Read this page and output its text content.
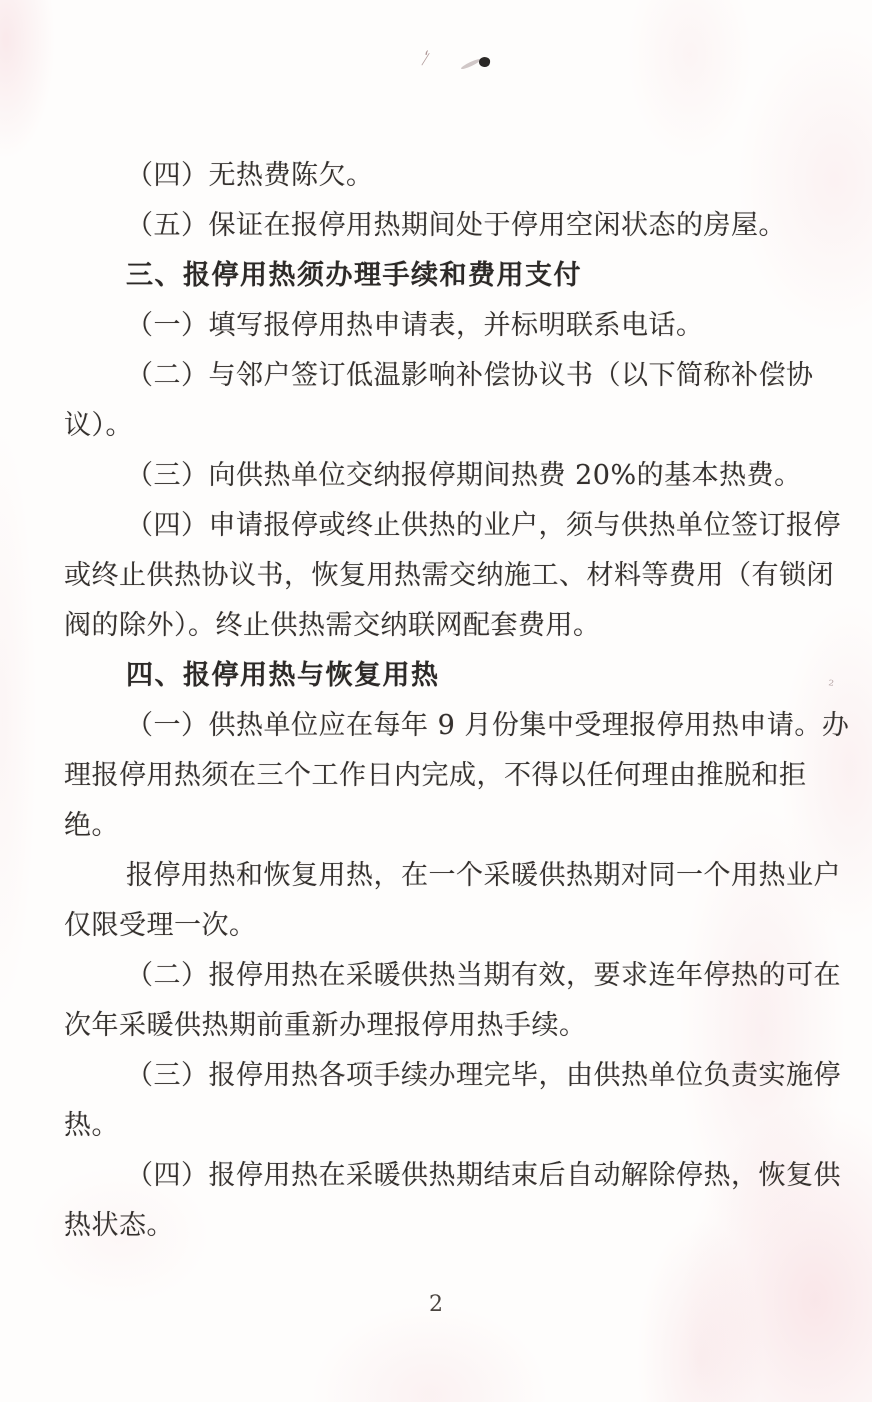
ʻ̷
²
（四）无热费陈欠。
（五）保证在报停用热期间处于停用空闲状态的房屋。
三、报停用热须办理手续和费用支付
（一）填写报停用热申请表，并标明联系电话。
（二）与邻户签订低温影响补偿协议书（以下简称补偿协
议）。
（三）向供热单位交纳报停期间热费 20%的基本热费。
（四）申请报停或终止供热的业户，须与供热单位签订报停
或终止供热协议书，恢复用热需交纳施工、材料等费用（有锁闭
阀的除外）。终止供热需交纳联网配套费用。
四、报停用热与恢复用热
（一）供热单位应在每年 9 月份集中受理报停用热申请。办
理报停用热须在三个工作日内完成，不得以任何理由推脱和拒
绝。
报停用热和恢复用热，在一个采暖供热期对同一个用热业户
仅限受理一次。
（二）报停用热在采暖供热当期有效，要求连年停热的可在
次年采暖供热期前重新办理报停用热手续。
（三）报停用热各项手续办理完毕，由供热单位负责实施停
热。
（四）报停用热在采暖供热期结束后自动解除停热，恢复供
热状态。
2
